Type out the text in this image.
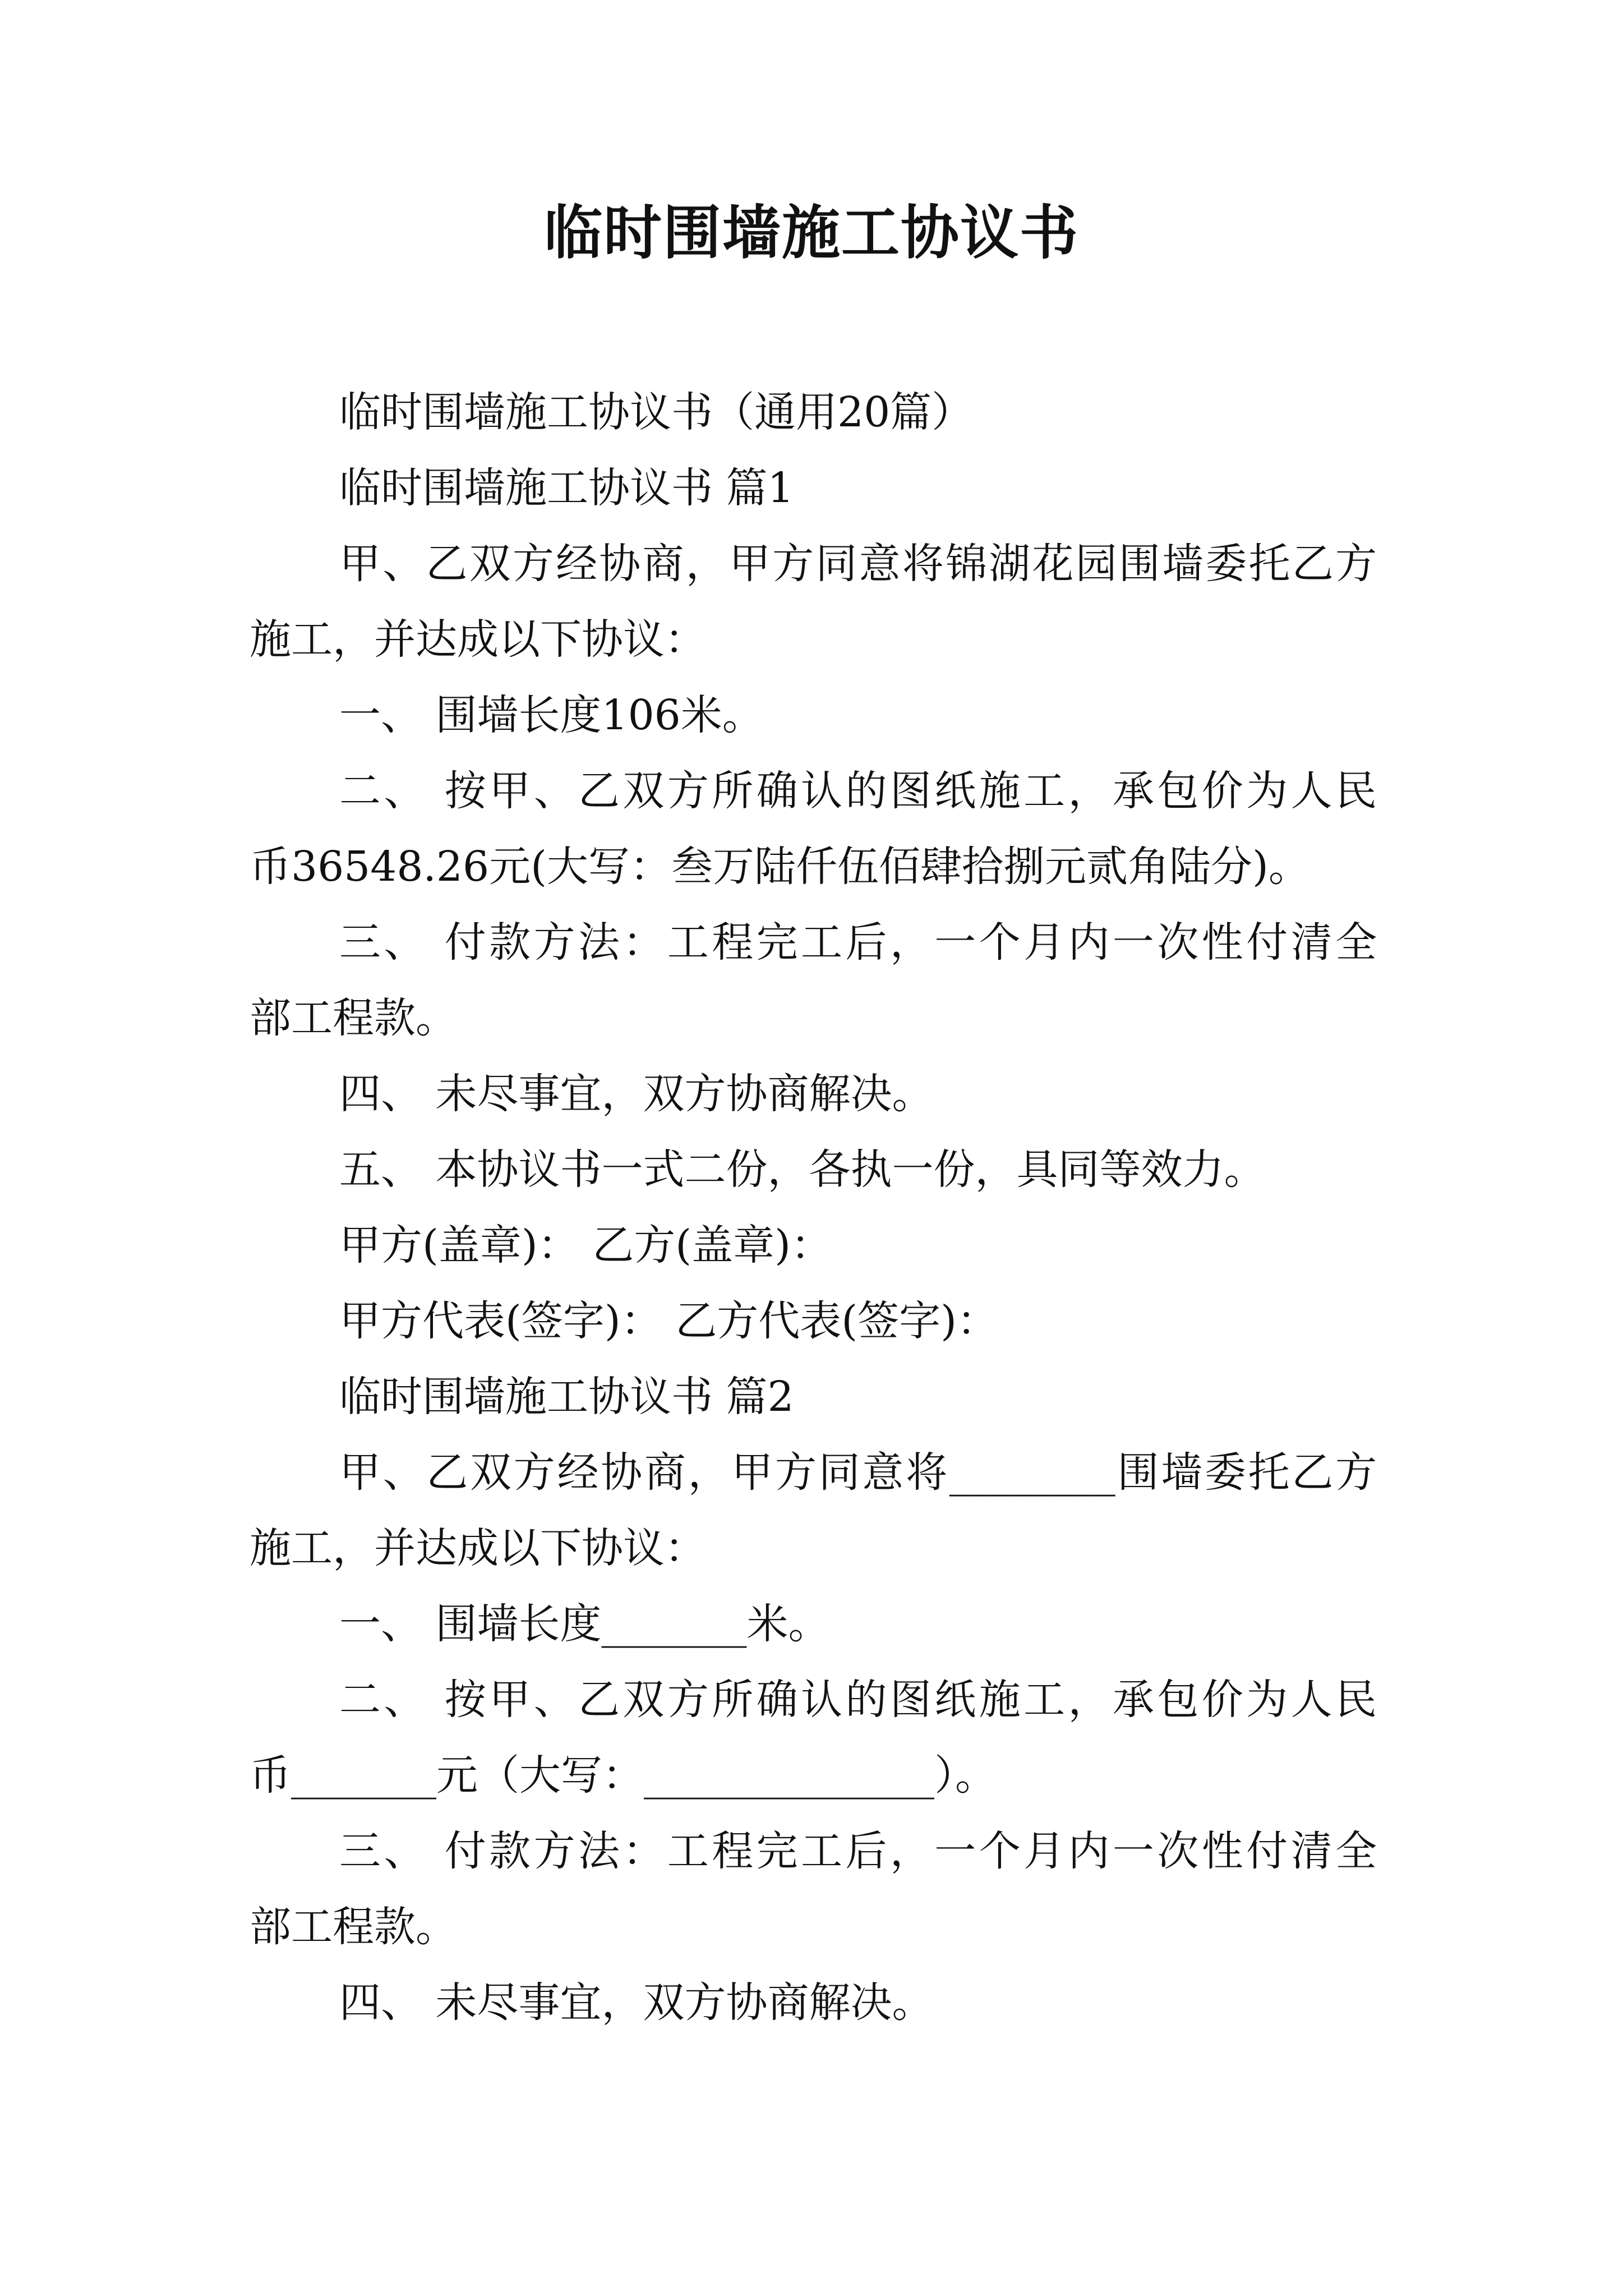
临时围墙施工协议书
临时围墙施工协议书（通用20篇）
临时围墙施工协议书 篇1
甲、乙双方经协商，甲方同意将锦湖花园围墙委托乙方
施工，并达成以下协议：
一、 围墙长度106米。
二、 按甲、乙双方所确认的图纸施工，承包价为人民
币36548.26元(大写：叁万陆仟伍佰肆拾捌元贰角陆分)。
三、 付款方法：工程完工后，一个月内一次性付清全
部工程款。
四、 未尽事宜，双方协商解决。
五、 本协议书一式二份，各执一份，具同等效力。
甲方(盖章)： 乙方(盖章)：
甲方代表(签字)： 乙方代表(签字)：
临时围墙施工协议书 篇2
甲、乙双方经协商，甲方同意将________围墙委托乙方
施工，并达成以下协议：
一、 围墙长度_______米。
二、 按甲、乙双方所确认的图纸施工，承包价为人民
币_______元（大写：______________）。
三、 付款方法：工程完工后，一个月内一次性付清全
部工程款。
四、 未尽事宜，双方协商解决。
